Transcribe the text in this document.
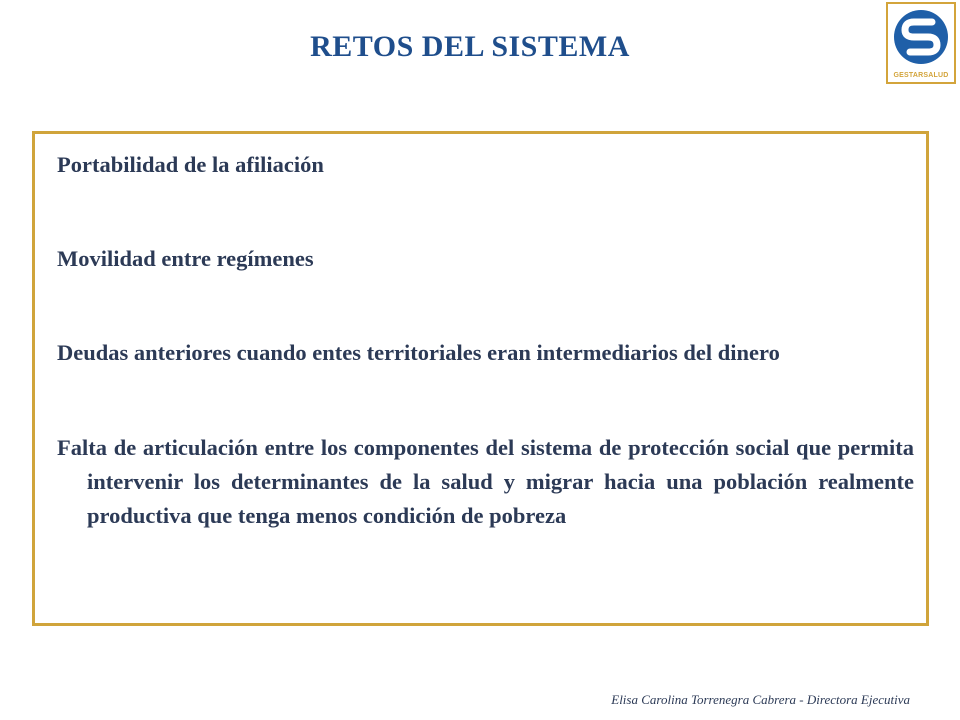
RETOS DEL SISTEMA
GESTARSALUD
Portabilidad de la afiliación
Movilidad entre regímenes
Deudas anteriores cuando entes territoriales eran intermediarios del dinero
Falta de articulación entre los componentes del sistema de protección social que permita intervenir los determinantes de la salud y migrar hacia una población realmente productiva que tenga menos condición de pobreza
Elisa Carolina Torrenegra Cabrera - Directora Ejecutiva
